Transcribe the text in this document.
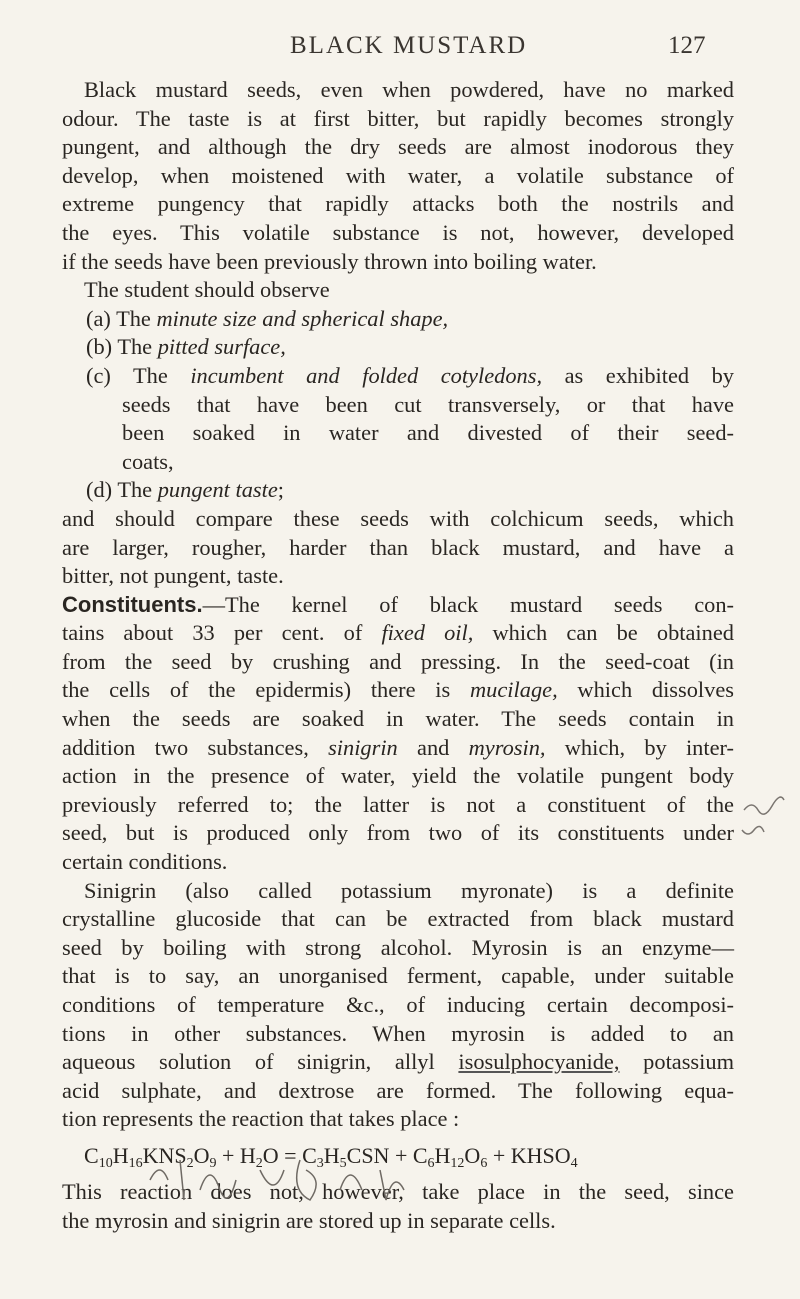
BLACK MUSTARD	127
Black mustard seeds, even when powdered, have no marked
odour. The taste is at first bitter, but rapidly becomes strongly
pungent, and although the dry seeds are almost inodorous they
develop, when moistened with water, a volatile substance of
extreme pungency that rapidly attacks both the nostrils and
the eyes. This volatile substance is not, however, developed
if the seeds have been previously thrown into boiling water.
The student should observe
(a) The minute size and spherical shape,
(b) The pitted surface,
(c) The incumbent and folded cotyledons, as exhibited by
seeds that have been cut transversely, or that have
been soaked in water and divested of their seed-
coats,
(d) The pungent taste;
and should compare these seeds with colchicum seeds, which
are larger, rougher, harder than black mustard, and have a
bitter, not pungent, taste.
Constituents.—The kernel of black mustard seeds con-
tains about 33 per cent. of fixed oil, which can be obtained
from the seed by crushing and pressing. In the seed-coat (in
the cells of the epidermis) there is mucilage, which dissolves
when the seeds are soaked in water. The seeds contain in
addition two substances, sinigrin and myrosin, which, by inter-
action in the presence of water, yield the volatile pungent body
previously referred to; the latter is not a constituent of the
seed, but is produced only from two of its constituents under
certain conditions.
Sinigrin (also called potassium myronate) is a definite
crystalline glucoside that can be extracted from black mustard
seed by boiling with strong alcohol. Myrosin is an enzyme—
that is to say, an unorganised ferment, capable, under suitable
conditions of temperature &c., of inducing certain decomposi-
tions in other substances. When myrosin is added to an
aqueous solution of sinigrin, allyl isosulphocyanide, potassium
acid sulphate, and dextrose are formed. The following equa-
tion represents the reaction that takes place :
$C_{10}H_{16}KNS_2O_9 + H_2O = C_3H_5CSN + C_6H_{12}O_6$ + $KHSO_4$
This reaction does not, however, take place in the seed, since
the myrosin and sinigrin are stored up in separate cells.
